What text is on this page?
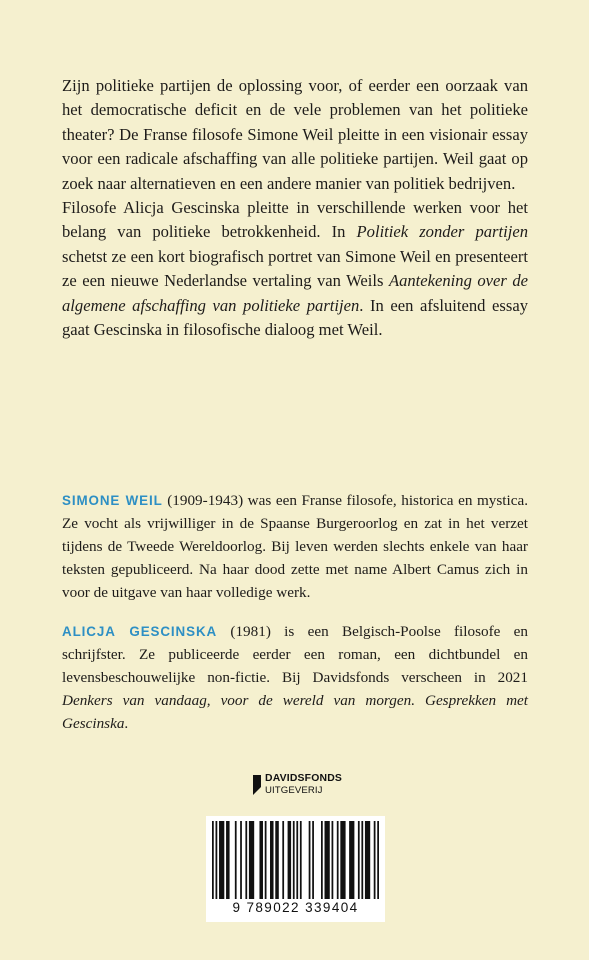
Zijn politieke partijen de oplossing voor, of eerder een oorzaak van het democratische deficit en de vele problemen van het politieke theater? De Franse filosofe Simone Weil pleitte in een visionair essay voor een radicale afschaffing van alle politieke partijen. Weil gaat op zoek naar alternatieven en een andere manier van politiek bedrijven.

Filosofe Alicja Gescinska pleitte in verschillende werken voor het belang van politieke betrokkenheid. In Politiek zonder partijen schetst ze een kort biografisch portret van Simone Weil en presenteert ze een nieuwe Nederlandse vertaling van Weils Aantekening over de algemene afschaffing van politieke partijen. In een afsluitend essay gaat Gescinska in filosofische dialoog met Weil.

SIMONE WEIL (1909-1943) was een Franse filosofe, historica en mystica. Ze vocht als vrijwilliger in de Spaanse Burgeroorlog en zat in het verzet tijdens de Tweede Wereldoorlog. Bij leven werden slechts enkele van haar teksten gepubliceerd. Na haar dood zette met name Albert Camus zich in voor de uitgave van haar volledige werk.

ALICJA GESCINSKA (1981) is een Belgisch-Poolse filosofe en schrijfster. Ze publiceerde eerder een roman, een dichtbundel en levensbeschouwelijke non-fictie. Bij Davidsfonds verscheen in 2021 Denkers van vandaag, voor de wereld van morgen. Gesprekken met Gescinska.

DAVIDSFONDS
UITGEVERIJ
9 789022 339404
